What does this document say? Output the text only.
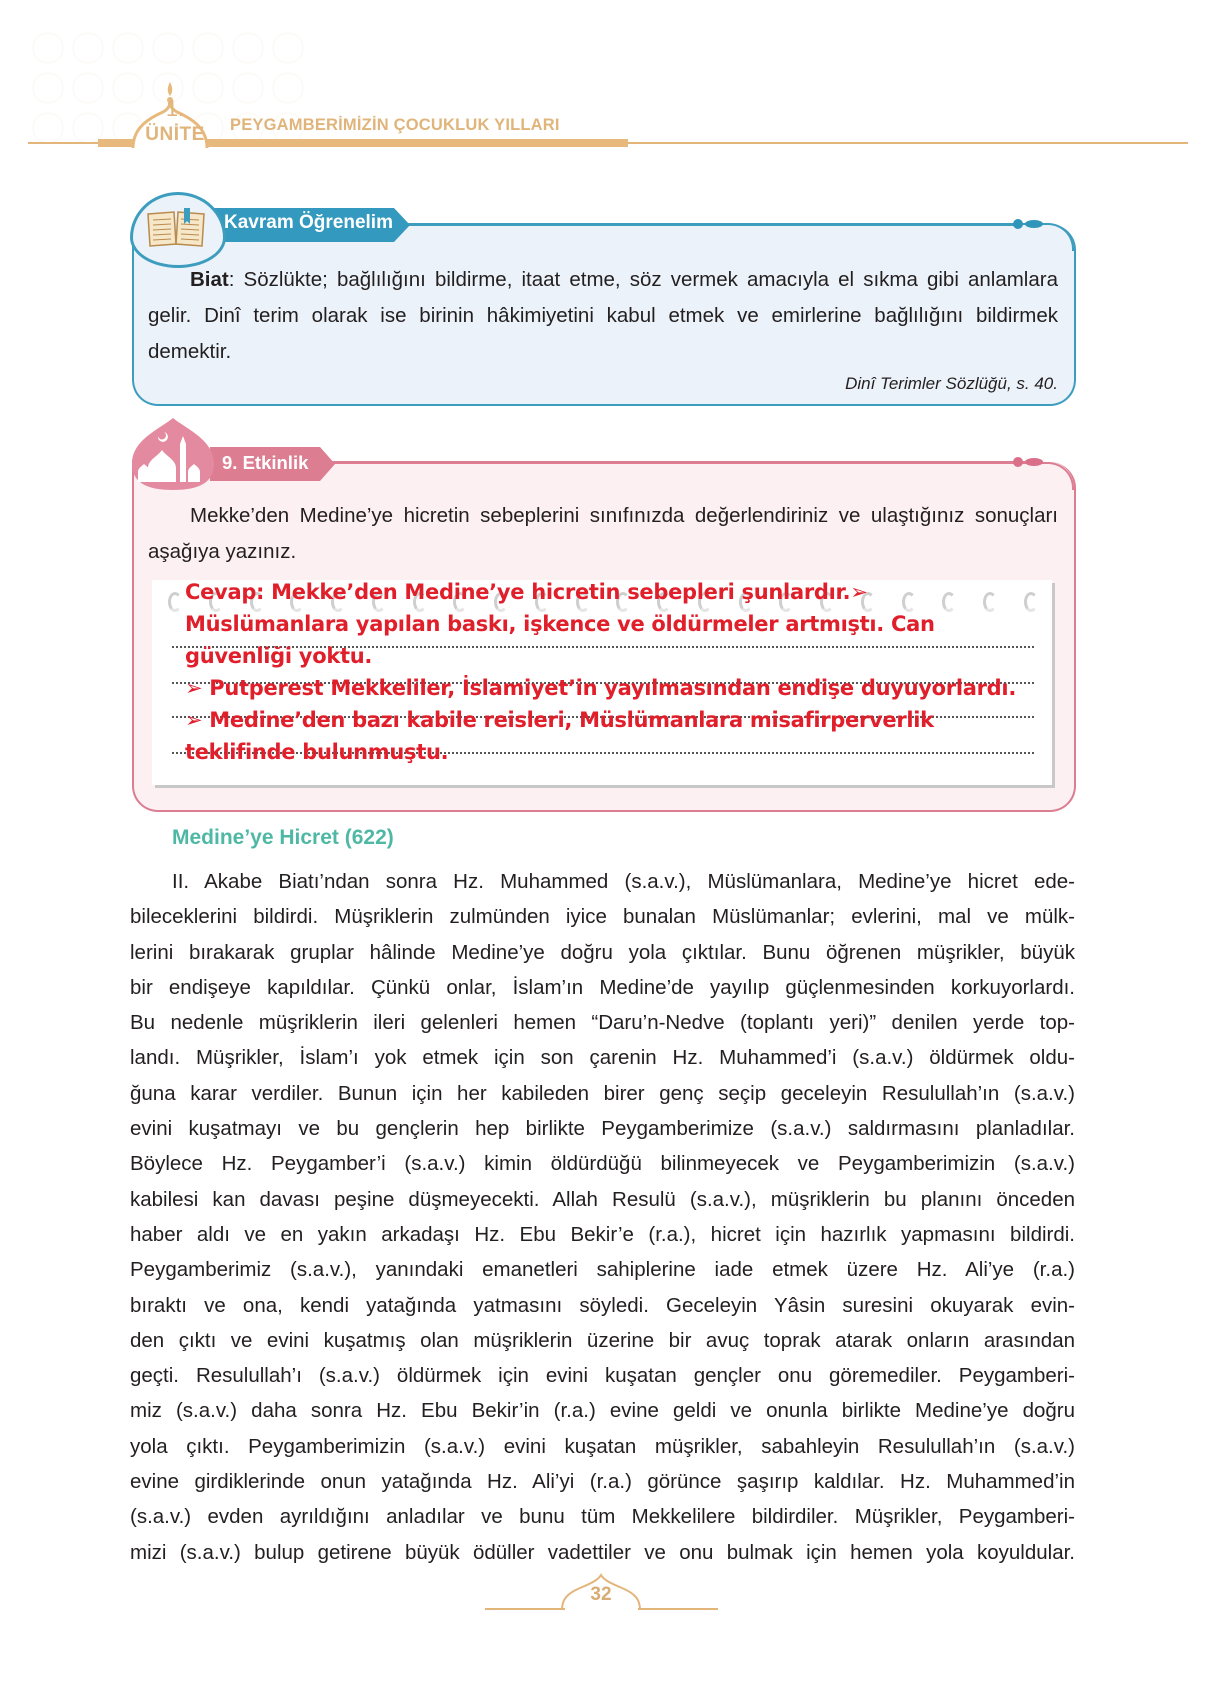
1.
ÜNİTE	PEYGAMBERİMİZİN ÇOCUKLUK YILLARI
Kavram Öğrenelim
Biat: Sözlükte; bağlılığını bildirme, itaat etme, söz vermek amacıyla el sıkma gibi anlamlara gelir. Dinî terim olarak ise birinin hâkimiyetini kabul etmek ve emirlerine bağlılığını bildirmek demektir.
Dinî Terimler Sözlüğü, s. 40.
9. Etkinlik
Mekke’den Medine’ye hicretin sebeplerini sınıfınızda değerlendiriniz ve ulaştığınız sonuçları aşağıya yazınız.
Cevap: Mekke’den Medine’ye hicretin sebepleri şunlardır.➢
Müslümanlara yapılan baskı, işkence ve öldürmeler artmıştı. Can
güvenliği yoktu.
➢ Putperest Mekkeliler, İslamiyet’in yayılmasından endişe duyuyorlardı.
➢ Medine’den bazı kabile reisleri, Müslümanlara misafirperverlik
teklifinde bulunmuştu.
Medine’ye Hicret (622)
II. Akabe Biatı’ndan sonra Hz. Muhammed (s.a.v.), Müslümanlara, Medine’ye hicret ede-
bileceklerini bildirdi. Müşriklerin zulmünden iyice bunalan Müslümanlar; evlerini, mal ve mülk-
lerini bırakarak gruplar hâlinde Medine’ye doğru yola çıktılar. Bunu öğrenen müşrikler, büyük
bir endişeye kapıldılar. Çünkü onlar, İslam’ın Medine’de yayılıp güçlenmesinden korkuyorlardı.
Bu nedenle müşriklerin ileri gelenleri hemen “Daru’n-Nedve (toplantı yeri)” denilen yerde top-
landı. Müşrikler, İslam’ı yok etmek için son çarenin Hz. Muhammed’i (s.a.v.) öldürmek oldu-
ğuna karar verdiler. Bunun için her kabileden birer genç seçip geceleyin Resulullah’ın (s.a.v.)
evini kuşatmayı ve bu gençlerin hep birlikte Peygamberimize (s.a.v.) saldırmasını planladılar.
Böylece Hz. Peygamber’i (s.a.v.) kimin öldürdüğü bilinmeyecek ve Peygamberimizin (s.a.v.)
kabilesi kan davası peşine düşmeyecekti. Allah Resulü (s.a.v.), müşriklerin bu planını önceden
haber aldı ve en yakın arkadaşı Hz. Ebu Bekir’e (r.a.), hicret için hazırlık yapmasını bildirdi.
Peygamberimiz (s.a.v.), yanındaki emanetleri sahiplerine iade etmek üzere Hz. Ali’ye (r.a.)
bıraktı ve ona, kendi yatağında yatmasını söyledi. Geceleyin Yâsin suresini okuyarak evin-
den çıktı ve evini kuşatmış olan müşriklerin üzerine bir avuç toprak atarak onların arasından
geçti. Resulullah’ı (s.a.v.) öldürmek için evini kuşatan gençler onu göremediler. Peygamberi-
miz (s.a.v.) daha sonra Hz. Ebu Bekir’in (r.a.) evine geldi ve onunla birlikte Medine’ye doğru
yola çıktı. Peygamberimizin (s.a.v.) evini kuşatan müşrikler, sabahleyin Resulullah’ın (s.a.v.)
evine girdiklerinde onun yatağında Hz. Ali’yi (r.a.) görünce şaşırıp kaldılar. Hz. Muhammed’in
(s.a.v.) evden ayrıldığını anladılar ve bunu tüm Mekkelilere bildirdiler. Müşrikler, Peygamberi-
mizi (s.a.v.) bulup getirene büyük ödüller vadettiler ve onu bulmak için hemen yola koyuldular.
32
